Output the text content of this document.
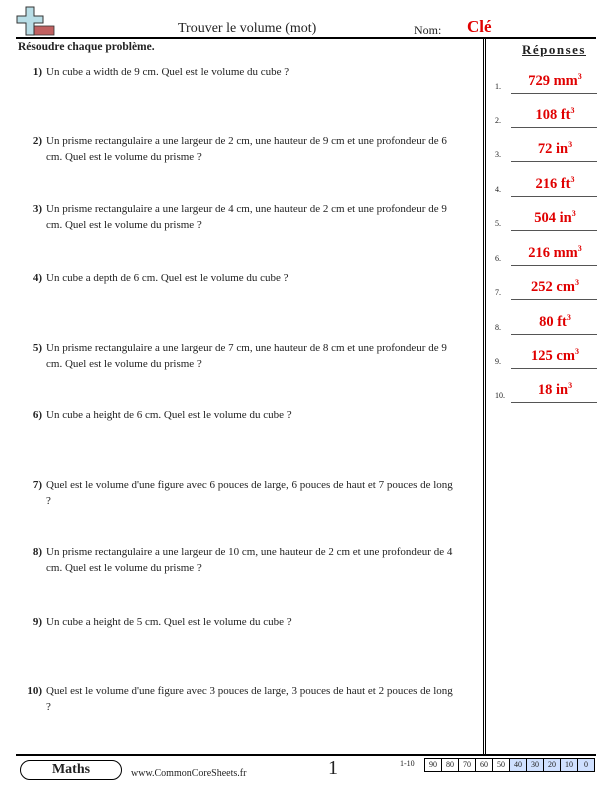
Trouver le volume (mot)	Nom: Clé
Résoudre chaque problème.	Réponses
1) Un cube a width de 9 cm. Quel est le volume du cube ?
2) Un prisme rectangulaire a une largeur de 2 cm, une hauteur de 9 cm et une profondeur de 6 cm. Quel est le volume du prisme ?
3) Un prisme rectangulaire a une largeur de 4 cm, une hauteur de 2 cm et une profondeur de 9 cm. Quel est le volume du prisme ?
4) Un cube a depth de 6 cm. Quel est le volume du cube ?
5) Un prisme rectangulaire a une largeur de 7 cm, une hauteur de 8 cm et une profondeur de 9 cm. Quel est le volume du prisme ?
6) Un cube a height de 6 cm. Quel est le volume du cube ?
7) Quel est le volume d'une figure avec 6 pouces de large, 6 pouces de haut et 7 pouces de long ?
8) Un prisme rectangulaire a une largeur de 10 cm, une hauteur de 2 cm et une profondeur de 4 cm. Quel est le volume du prisme ?
9) Un cube a height de 5 cm. Quel est le volume du cube ?
10) Quel est le volume d'une figure avec 3 pouces de large, 3 pouces de haut et 2 pouces de long ?
1.	729 $mm^3$
2.	108 $ft^3$
3.	72 $in^3$
4.	216 $ft^3$
5.	504 $in^3$
6.	216 $mm^3$
7.	252 $cm^3$
8.	80 $ft^3$
9.	125 $cm^3$
10.	18 $in^3$
Maths	www.CommonCoreSheets.fr	1	1-10	90	80	70	60	50	40	30	20	10	0
